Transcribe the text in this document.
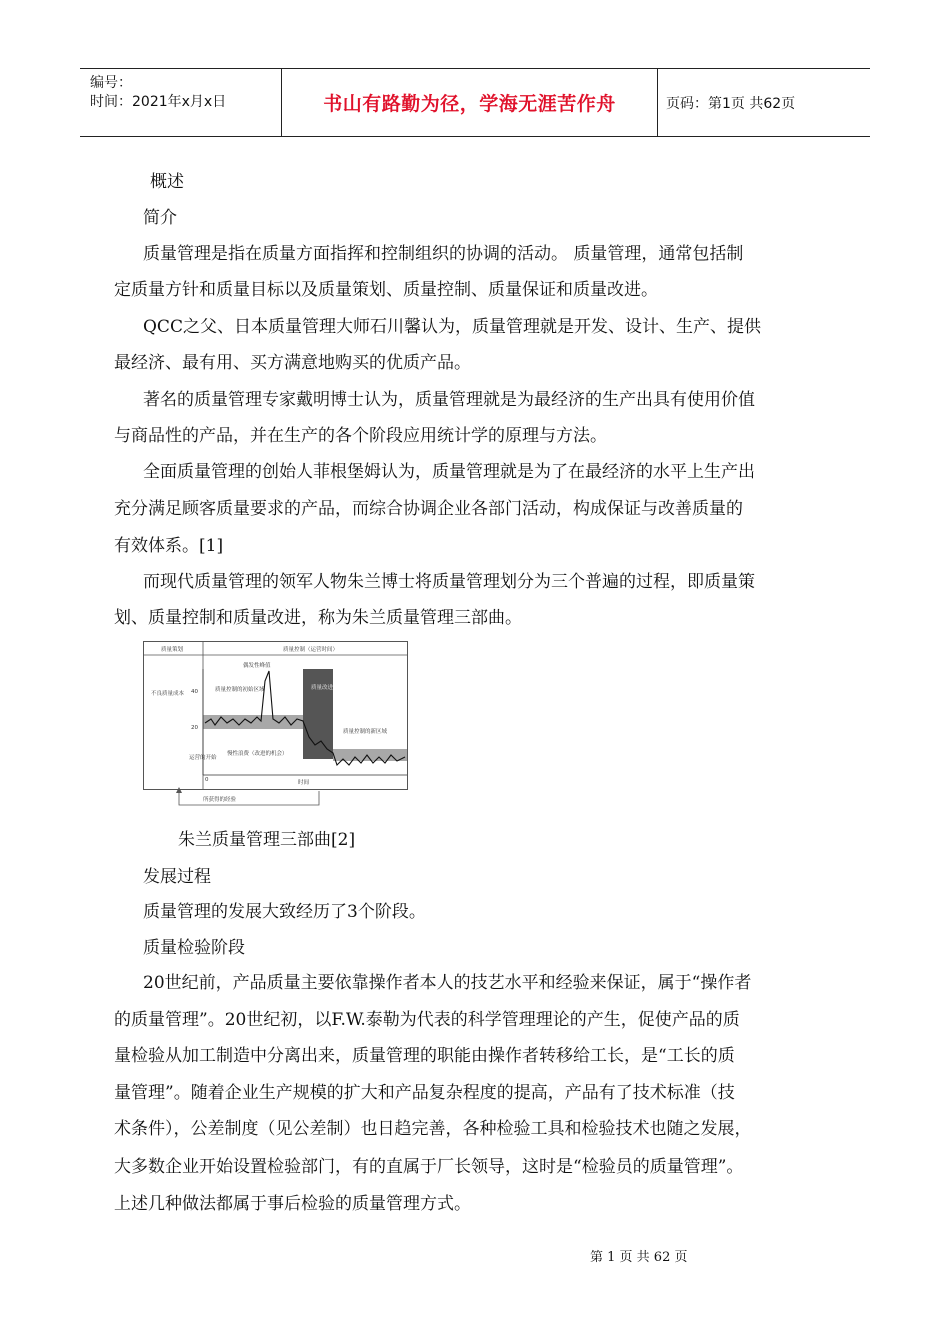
编号：
时间：2021年x月x日	书山有路勤为径，学海无涯苦作舟	页码：第1页 共62页
概述
简介
质量管理是指在质量方面指挥和控制组织的协调的活动。 质量管理，通常包括制
定质量方针和质量目标以及质量策划、质量控制、质量保证和质量改进。
QCC之父、日本质量管理大师石川馨认为，质量管理就是开发、设计、生产、提供
最经济、最有用、买方满意地购买的优质产品。
著名的质量管理专家戴明博士认为，质量管理就是为最经济的生产出具有使用价值
与商品性的产品，并在生产的各个阶段应用统计学的原理与方法。
全面质量管理的创始人菲根堡姆认为，质量管理就是为了在最经济的水平上生产出
充分满足顾客质量要求的产品，而综合协调企业各部门活动，构成保证与改善质量的
有效体系。[1]
而现代质量管理的领军人物朱兰博士将质量管理划分为三个普遍的过程，即质量策
划、质量控制和质量改进，称为朱兰质量管理三部曲。
质量策划	质量控制（运营时间）
偶发性峰值
质量改进
不良质量成本 40
20
0
质量控制的初始区域
质量控制的新区域
慢性浪费（改进的机会）
运营的开始
时间
所获得的经验
朱兰质量管理三部曲[2]
发展过程
质量管理的发展大致经历了3个阶段。
质量检验阶段
20世纪前，产品质量主要依靠操作者本人的技艺水平和经验来保证，属于“操作者
的质量管理”。20世纪初，以F.W.泰勒为代表的科学管理理论的产生，促使产品的质
量检验从加工制造中分离出来，质量管理的职能由操作者转移给工长，是“工长的质
量管理”。随着企业生产规模的扩大和产品复杂程度的提高，产品有了技术标准（技
术条件），公差制度（见公差制）也日趋完善，各种检验工具和检验技术也随之发展，
大多数企业开始设置检验部门，有的直属于厂长领导，这时是“检验员的质量管理”。
上述几种做法都属于事后检验的质量管理方式。
第 1 页 共 62 页
